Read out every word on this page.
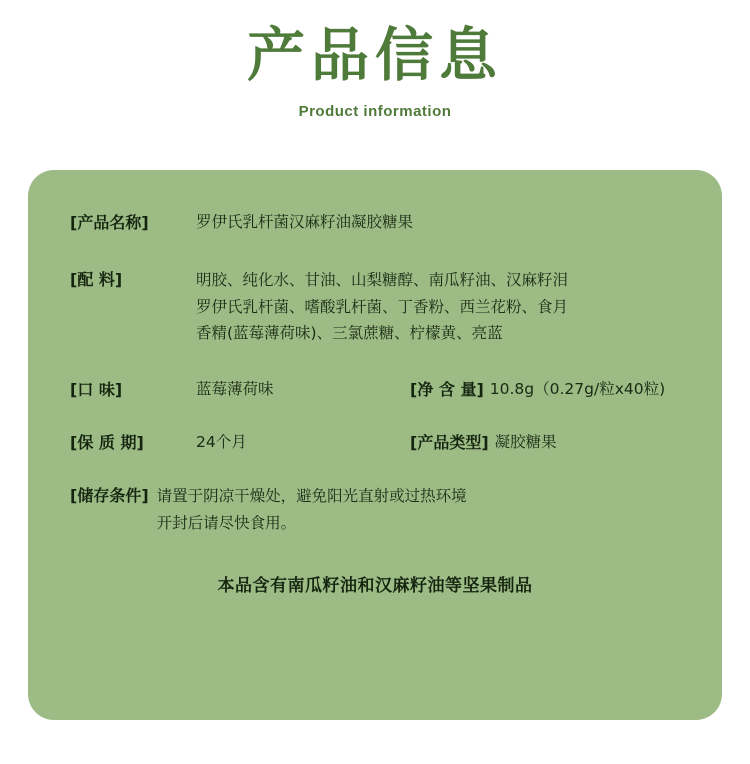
产品信息
Product information
[产品名称]	罗伊氏乳杆菌汉麻籽油凝胶糖果
[配 料]	明胶、纯化水、甘油、山梨糖醇、南瓜籽油、汉麻籽泪
罗伊氏乳杆菌、嗜酸乳杆菌、丁香粉、西兰花粉、食月
香精(蓝莓薄荷味)、三氯蔗糖、柠檬黄、亮蓝
[口 味]	蓝莓薄荷味	[净 含 量] 10.8g（0.27g/粒x40粒)
[保 质 期]	24个月	[产品类型] 凝胶糖果
[储存条件] 请置于阴凉干燥处，避免阳光直射或过热环境
开封后请尽快食用。
本品含有南瓜籽油和汉麻籽油等坚果制品
